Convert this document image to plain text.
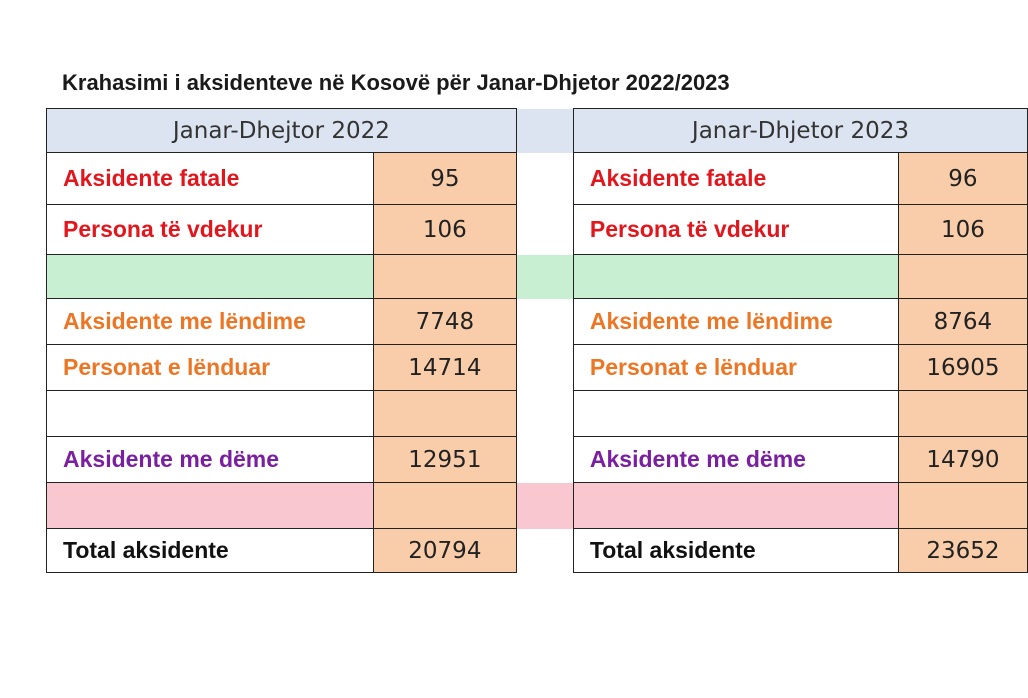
Krahasimi i aksidenteve në Kosovë për Janar-Dhjetor 2022/2023
Janar-Dhejtor 2022			Janar-Dhjetor 2023	
Aksidente fatale	95		Aksidente fatale	96
Persona të vdekur	106		Persona të vdekur	106

Aksidente me lëndime	7748		Aksidente me lëndime	8764
Personat e lënduar	14714		Personat e lënduar	16905

Aksidente me dëme	12951		Aksidente me dëme	14790

Total aksidente	20794		Total aksidente	23652
